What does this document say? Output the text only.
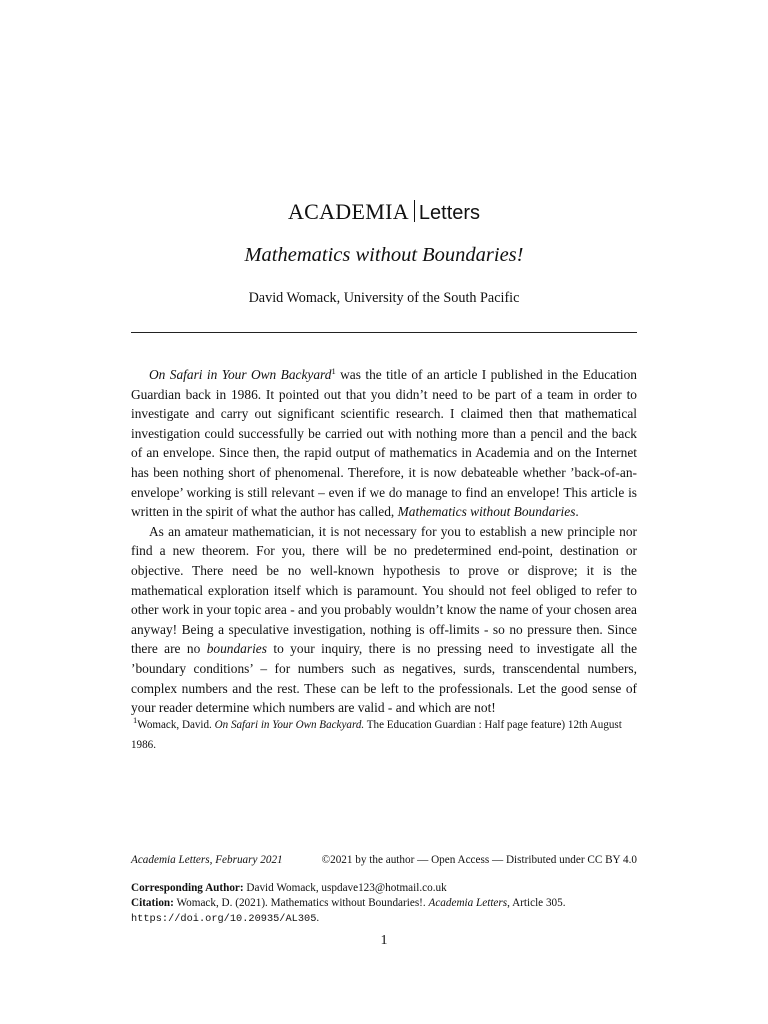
ACADEMIA Letters
Mathematics without Boundaries!
David Womack, University of the South Pacific

On Safari in Your Own Backyard$^1$ was the title of an article I published in the Education Guardian back in 1986. It pointed out that you didn’t need to be part of a team in order to investigate and carry out significant scientific research. I claimed then that mathematical investigation could successfully be carried out with nothing more than a pencil and the back of an envelope. Since then, the rapid output of mathematics in Academia and on the Internet has been nothing short of phenomenal. Therefore, it is now debateable whether ’back-of-an-envelope’ working is still relevant – even if we do manage to find an envelope! This article is written in the spirit of what the author has called, Mathematics without Boundaries.

As an amateur mathematician, it is not necessary for you to establish a new principle nor find a new theorem. For you, there will be no predetermined end-point, destination or objective. There need be no well-known hypothesis to prove or disprove; it is the mathematical exploration itself which is paramount. You should not feel obliged to refer to other work in your topic area - and you probably wouldn’t know the name of your chosen area anyway! Being a speculative investigation, nothing is off-limits - so no pressure then. Since there are no boundaries to your inquiry, there is no pressing need to investigate all the ’boundary conditions’ – for numbers such as negatives, surds, transcendental numbers, complex numbers and the rest. These can be left to the professionals. Let the good sense of your reader determine which numbers are valid - and which are not!

$^1$Womack, David. On Safari in Your Own Backyard. The Education Guardian : Half page feature) 12th August 1986.
Academia Letters, February 2021	©2021 by the author — Open Access — Distributed under CC BY 4.0
Corresponding Author: David Womack, uspdave123@hotmail.co.uk
Citation: Womack, D. (2021). Mathematics without Boundaries!. Academia Letters, Article 305.
https://doi.org/10.20935/AL305.
1
